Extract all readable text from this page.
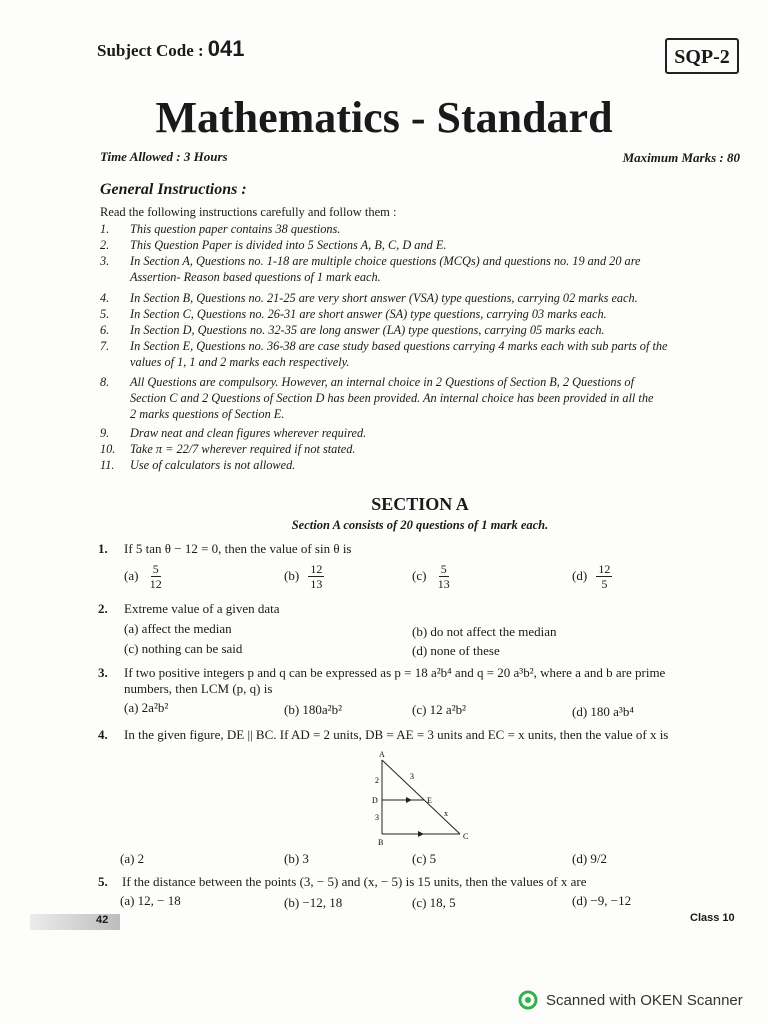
Subject Code : 041	SQP-2
Mathematics - Standard
Time Allowed : 3 Hours	Maximum Marks : 80
General Instructions :
Read the following instructions carefully and follow them :
1.	This question paper contains 38 questions.
2.	This Question Paper is divided into 5 Sections A, B, C, D and E.
3.	In Section A, Questions no. 1-18 are multiple choice questions (MCQs) and questions no. 19 and 20 are
Assertion- Reason based questions of 1 mark each.
4.	In Section B, Questions no. 21-25 are very short answer (VSA) type questions, carrying 02 marks each.
5.	In Section C, Questions no. 26-31 are short answer (SA) type questions, carrying 03 marks each.
6.	In Section D, Questions no. 32-35 are long answer (LA) type questions, carrying 05 marks each.
7.	In Section E, Questions no. 36-38 are case study based questions carrying 4 marks each with sub parts of the
values of 1, 1 and 2 marks each respectively.
8.	All Questions are compulsory. However, an internal choice in 2 Questions of Section B, 2 Questions of
Section C and 2 Questions of Section D has been provided. An internal choice has been provided in all the
2 marks questions of Section E.
9.	Draw neat and clean figures wherever required.
10.	Take π = 22/7 wherever required if not stated.
11.	Use of calculators is not allowed.
SECTION A
Section A consists of 20 questions of 1 mark each.
1. If 5 tan θ − 12 = 0, then the value of sin θ is
$(a) \frac{5}{12}$	$(b) \frac{12}{13}$	$(c) \frac{5}{13}$	$(d) \frac{12}{5}$
2. Extreme value of a given data
(a) affect the median	(b) do not affect the median
(c) nothing can be said	(d) none of these
3. If two positive integers p and q can be expressed as p = 18 a²b⁴ and q = 20 a³b², where a and b are prime
numbers, then LCM (p, q) is
(a) 2a²b²	(b) 180a²b²	(c) 12 a²b²	(d) 180 a³b⁴
4. In the given figure, DE || BC. If AD = 2 units, DB = AE = 3 units and EC = x units, then the value of x is
A
D	E
B
C
2
3
3
x
(a) 2	(b) 3	(c) 5	(d) 9/2
5. If the distance between the points (3, − 5) and (x, − 5) is 15 units, then the values of x are
(a) 12, − 18	(b) −12, 18	(c) 18, 5	(d) −9, −12
42	Class 10
Scanned with OKEN Scanner
